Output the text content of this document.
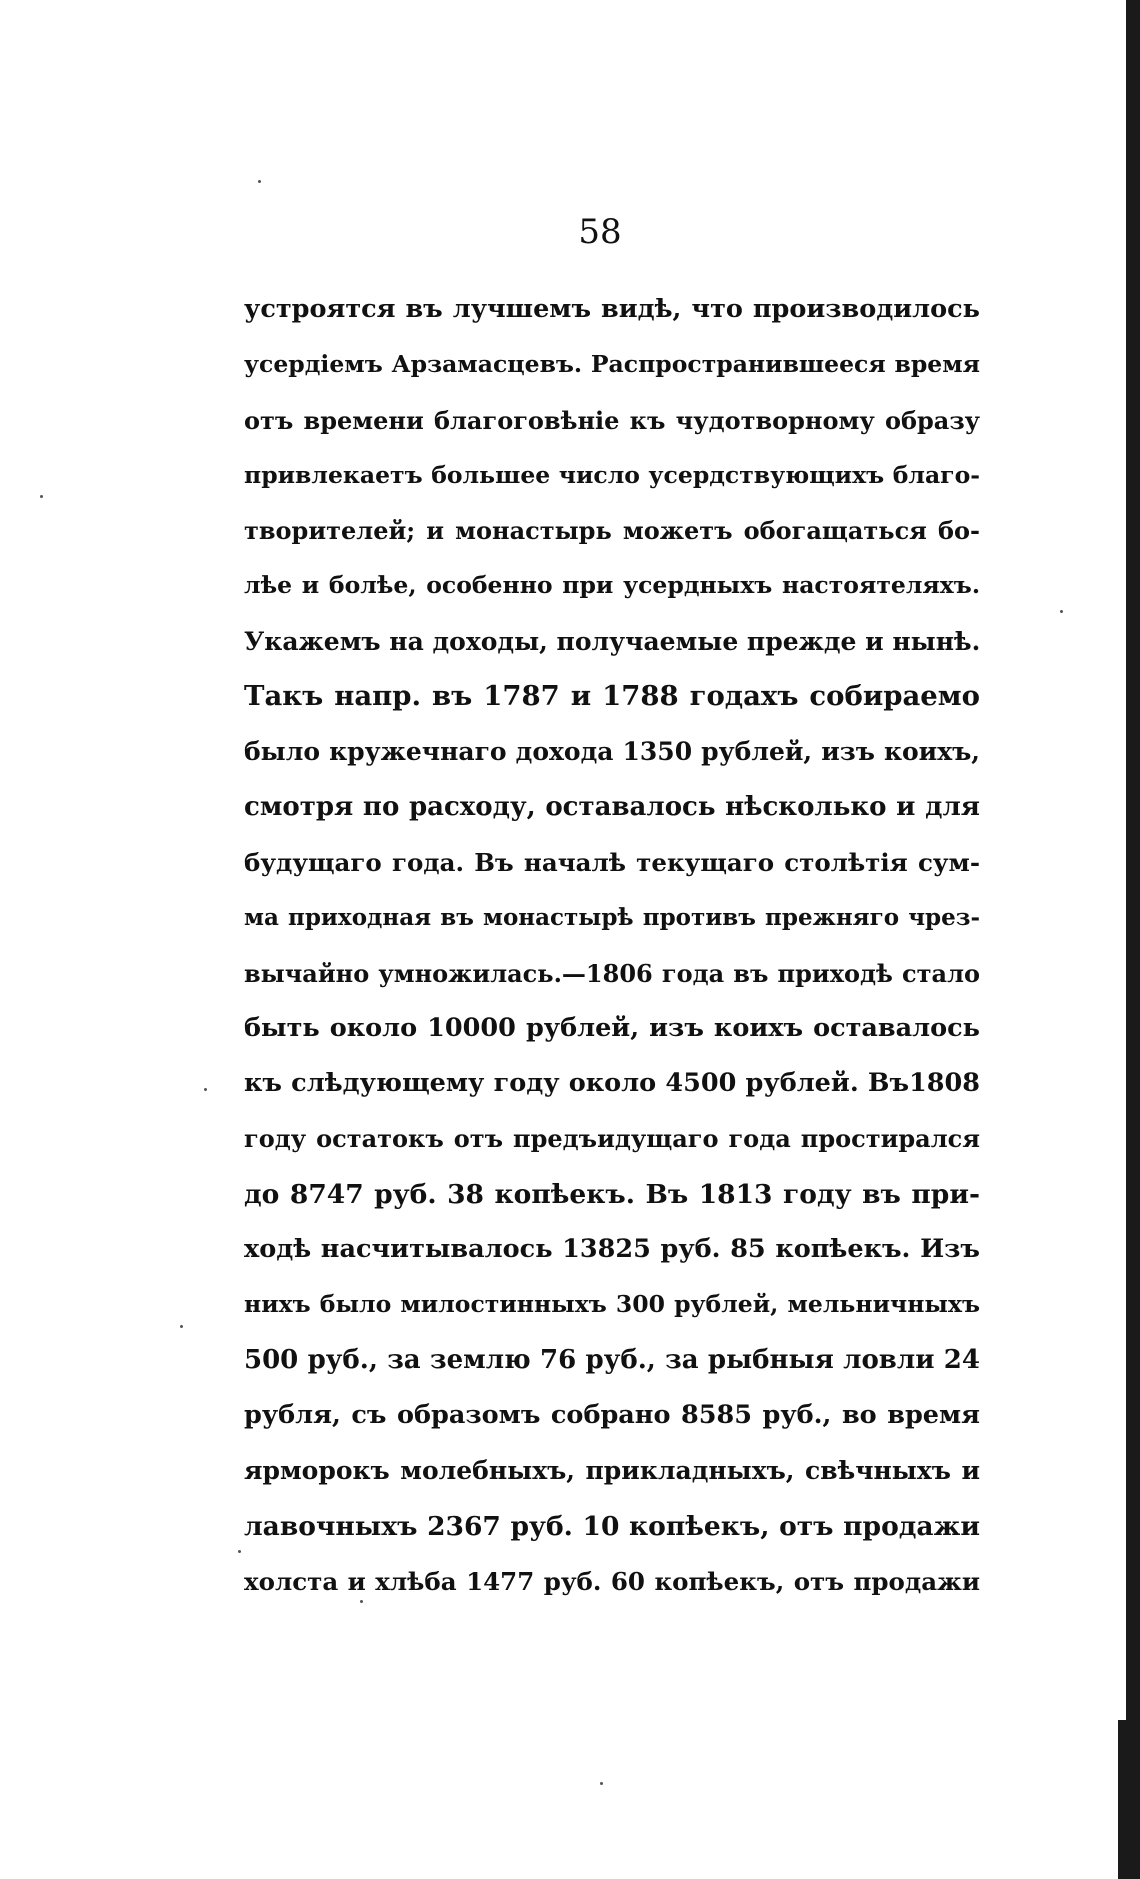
58
устроятся въ лучшемъ видѣ, что производилось
усердіемъ Арзамасцевъ. Распространившееся время
отъ времени благоговѣніе къ чудотворному образу
привлекаетъ большее число усердствующихъ благо-
творителей; и монастырь можетъ обогащаться бо-
лѣе и болѣе, особенно при усердныхъ настоятеляхъ.
Укажемъ на доходы, получаемые прежде и нынѣ.
Такъ напр. въ 1787 и 1788 годахъ собираемо
было кружечнаго дохода 1350 рублей, изъ коихъ,
смотря по расходу, оставалось нѣсколько и для
будущаго года. Въ началѣ текущаго столѣтія сум-
ма приходная въ монастырѣ противъ прежняго чрез-
вычайно умножилась.—1806 года въ приходѣ стало
быть около 10000 рублей, изъ коихъ оставалось
къ слѣдующему году около 4500 рублей. Въ1808
году остатокъ отъ предъидущаго года простирался
до 8747 руб. 38 копѣекъ. Въ 1813 году въ при-
ходѣ насчитывалось 13825 руб. 85 копѣекъ. Изъ
нихъ было милостинныхъ 300 рублей, мельничныхъ
500 руб., за землю 76 руб., за рыбныя ловли 24
рубля, съ образомъ собрано 8585 руб., во время
ярморокъ молебныхъ, прикладныхъ, свѣчныхъ и
лавочныхъ 2367 руб. 10 копѣекъ, отъ продажи
холста и хлѣба 1477 руб. 60 копѣекъ, отъ продажи
